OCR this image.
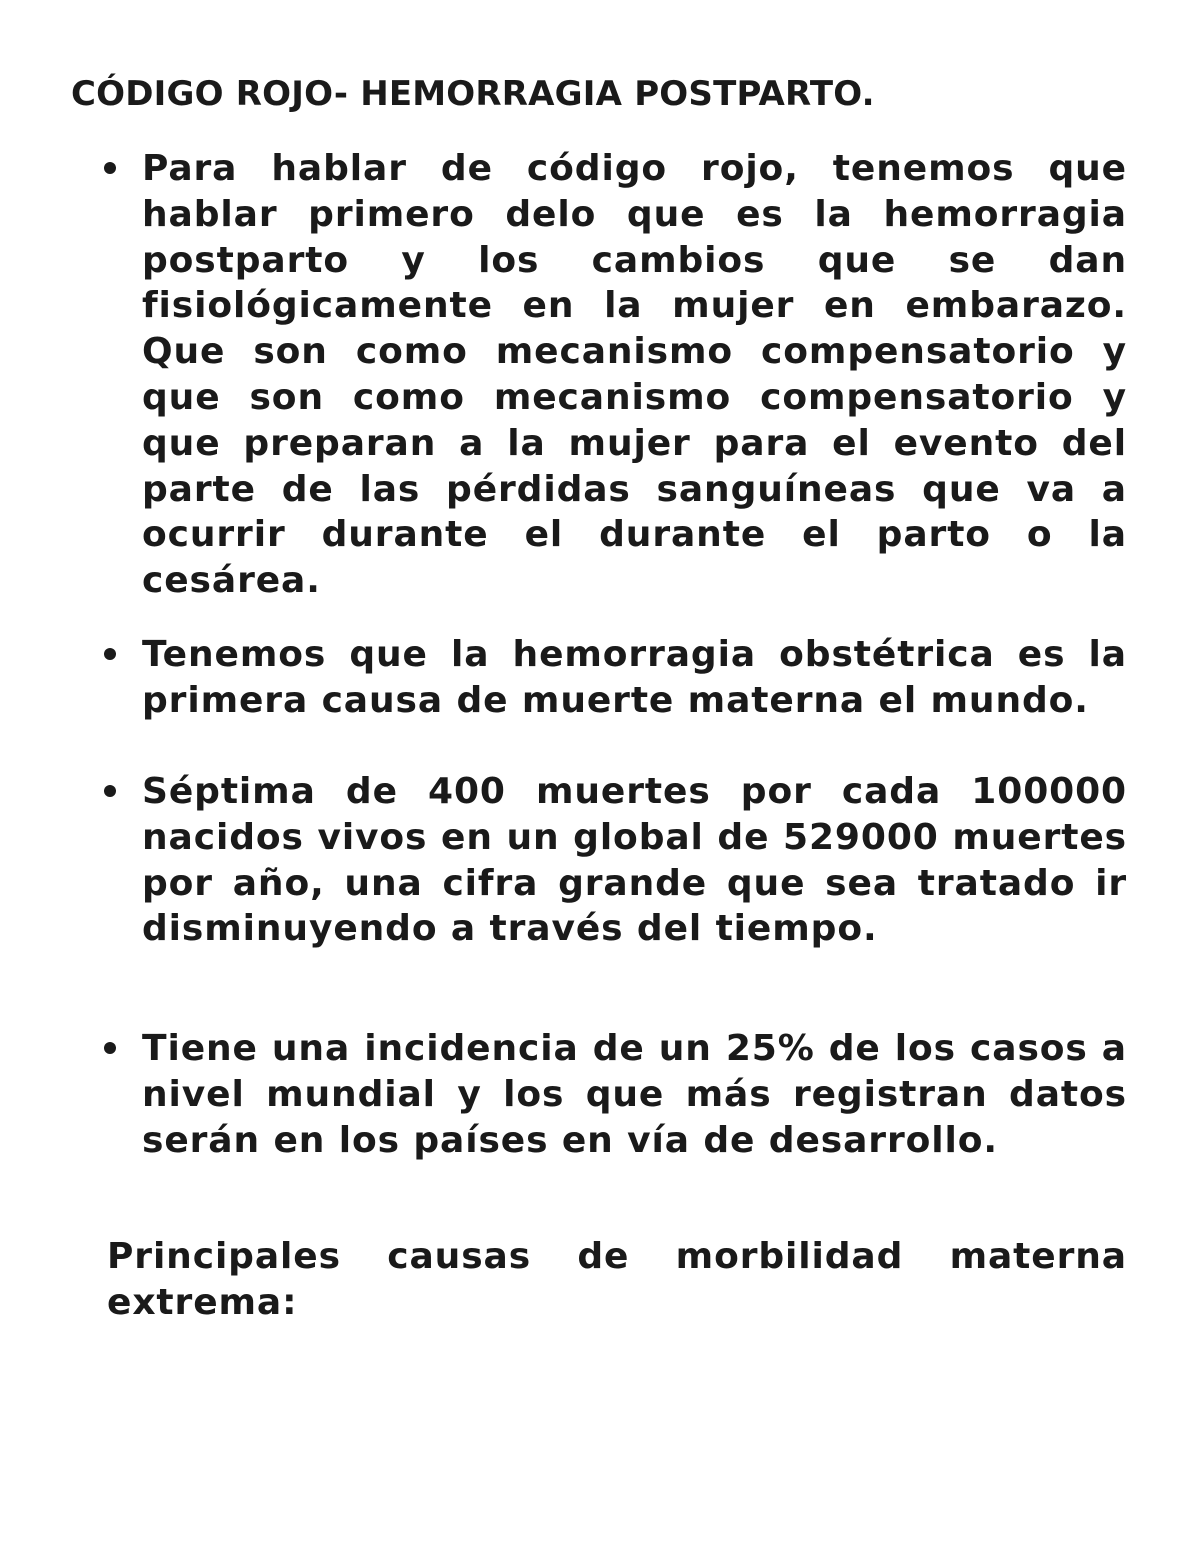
CÓDIGO ROJO- HEMORRAGIA POSTPARTO.
Para hablar de código rojo, tenemos que hablar primero delo que es la hemorragia postparto y los cambios que se dan fisiológicamente en la mujer en embarazo. Que son como mecanismo compensatorio y que son como mecanismo compensatorio y que preparan a la mujer para el evento del parte de las pérdidas sanguíneas que va a ocurrir durante el durante el parto o la cesárea.
Tenemos que la hemorragia obstétrica es la primera causa de muerte materna el mundo.
Séptima de 400 muertes por cada 100000 nacidos vivos en un global de 529000 muertes por año, una cifra grande que sea tratado ir disminuyendo a través del tiempo.
Tiene una incidencia de un 25% de los casos a nivel mundial y los que más registran datos serán en los países en vía de desarrollo.

Principales causas de morbilidad materna extrema:
